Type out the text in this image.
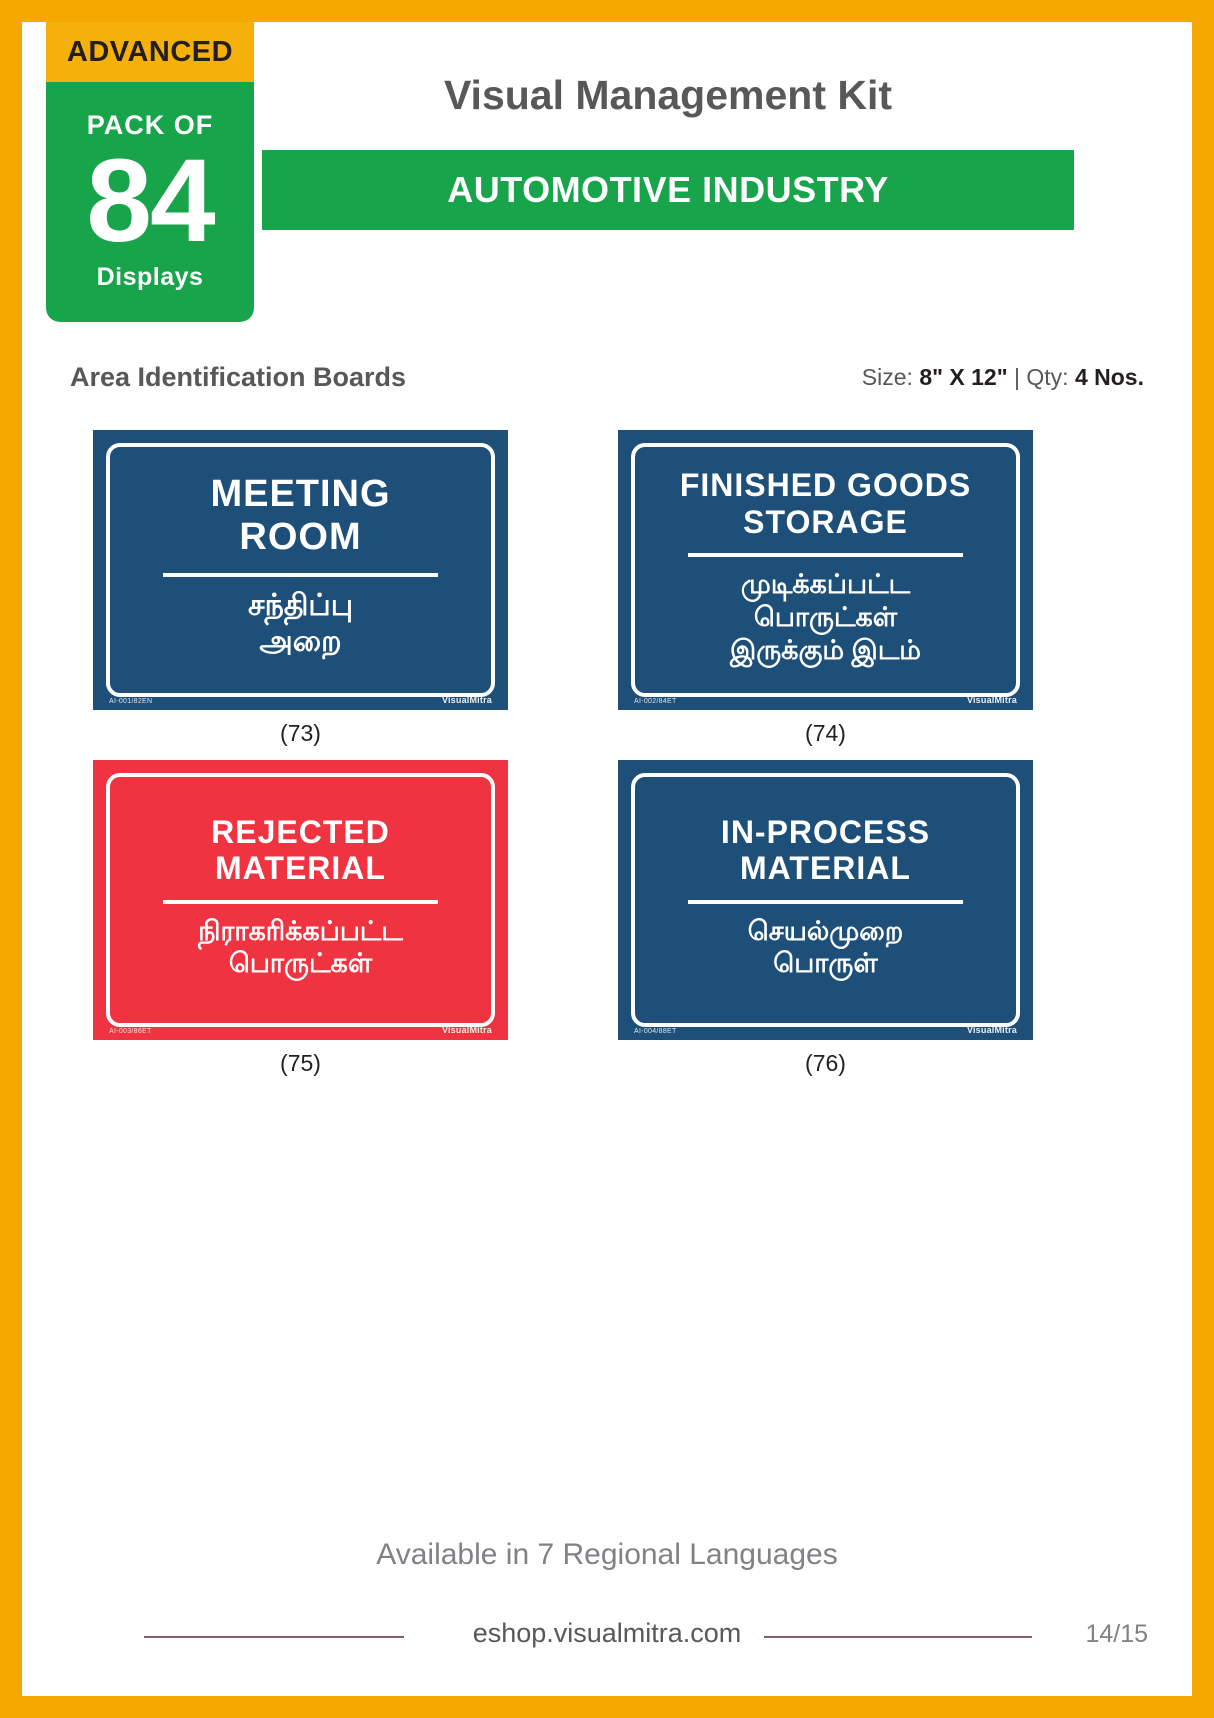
ADVANCED
PACK OF
84
Displays
Visual Management Kit
AUTOMOTIVE INDUSTRY
Area Identification Boards	Size: 8" X 12" | Qty: 4 Nos.
MEETING
ROOM
சந்திப்பு
அறை
AI-001/82EN	VisualMitra
(73)
FINISHED GOODS
STORAGE
முடிக்கப்பட்ட
பொருட்கள்
இருக்கும் இடம்
AI-002/84ET	VisualMitra
(74)
REJECTED
MATERIAL
நிராகரிக்கப்பட்ட
பொருட்கள்
AI-003/86ET	VisualMitra
(75)
IN-PROCESS
MATERIAL
செயல்முறை
பொருள்
AI-004/88ET	VisualMitra
(76)
Available in 7 Regional Languages
eshop.visualmitra.com	14/15
